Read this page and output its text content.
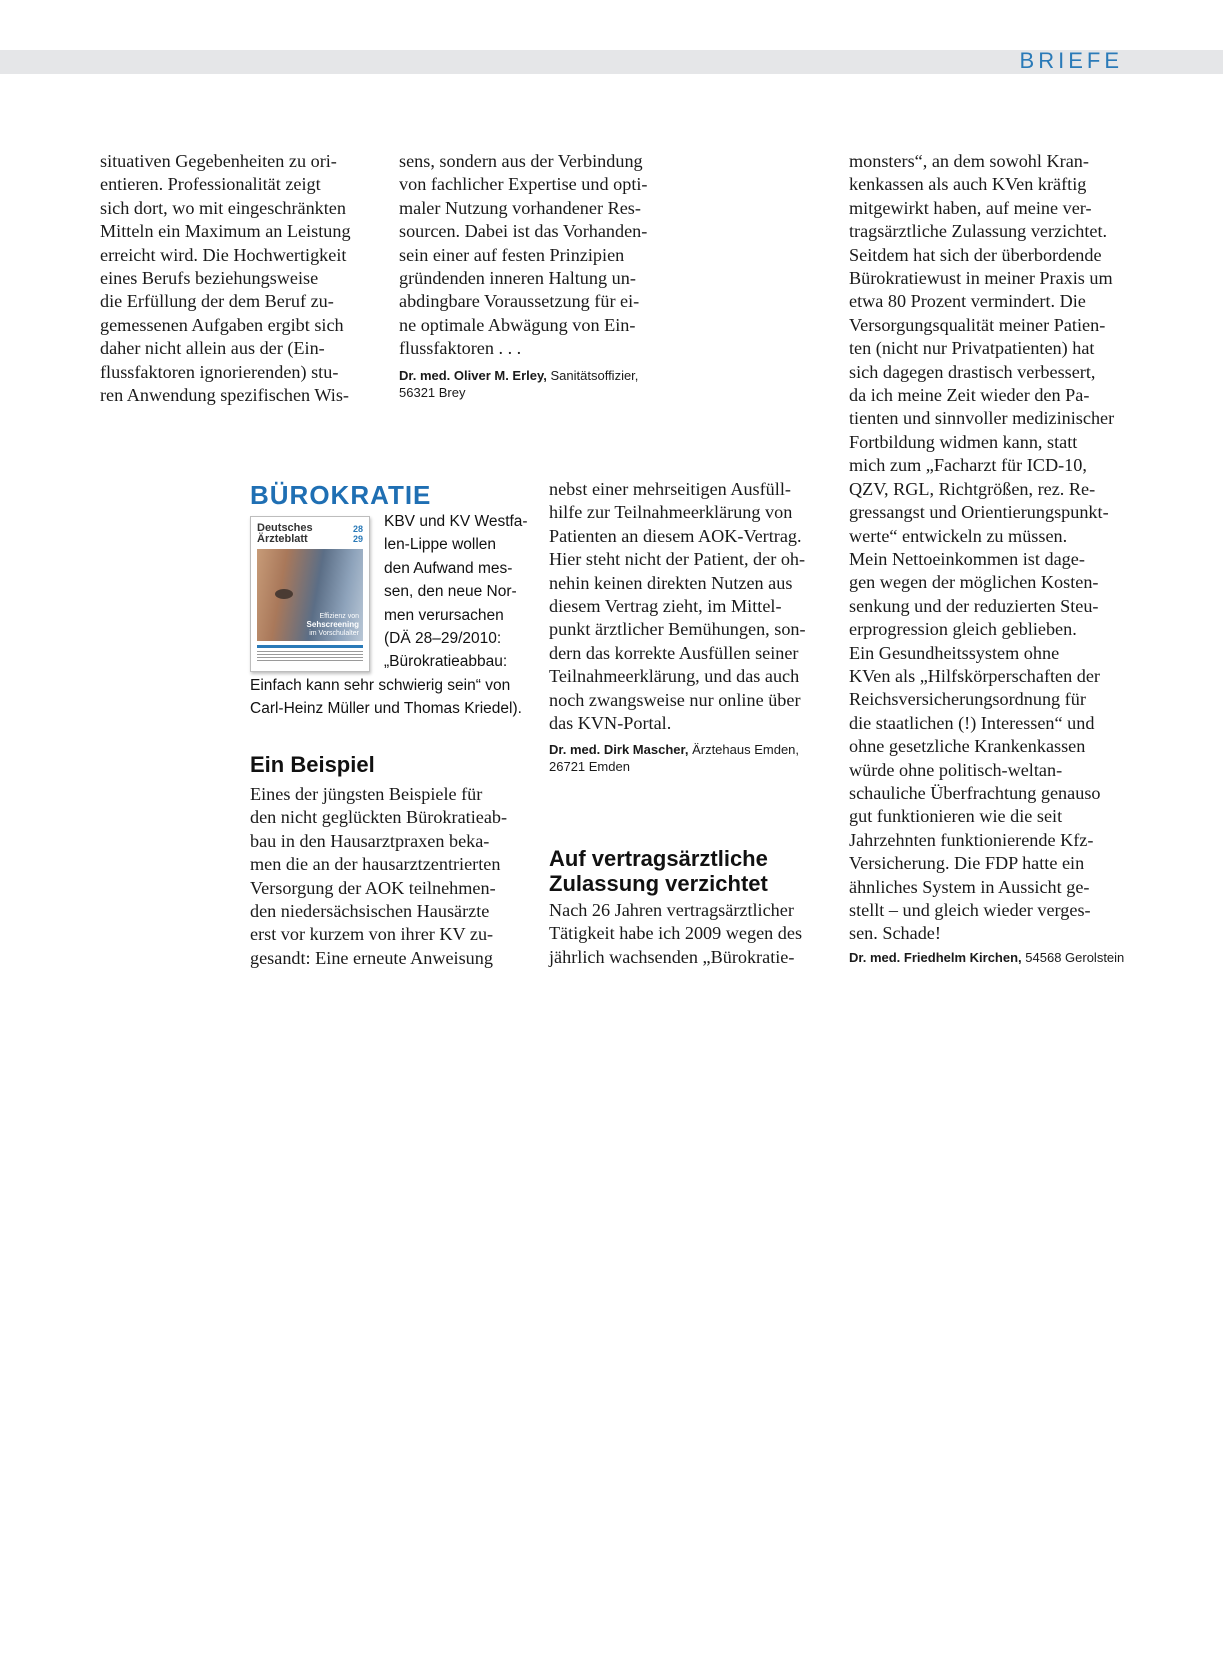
BRIEFE
situativen Gegebenheiten zu ori-
entieren. Professionalität zeigt
sich dort, wo mit eingeschränkten
Mitteln ein Maximum an Leistung
erreicht wird. Die Hochwertigkeit
eines Berufs beziehungsweise
die Erfüllung der dem Beruf zu-
gemessenen Aufgaben ergibt sich
daher nicht allein aus der (Ein-
flussfaktoren ignorierenden) stu-
ren Anwendung spezifischen Wis-
sens, sondern aus der Verbindung
von fachlicher Expertise und opti-
maler Nutzung vorhandener Res-
sourcen. Dabei ist das Vorhanden-
sein einer auf festen Prinzipien
gründenden inneren Haltung un-
abdingbare Voraussetzung für ei-
ne optimale Abwägung von Ein-
flussfaktoren . . .
Dr. med. Oliver M. Erley, Sanitätsoffizier,
56321 Brey
BÜROKRATIE
Deutsches
Ärzteblatt
28
29
Effizienz von
Sehscreening
im Vorschulalter
KBV und KV Westfa-
len-Lippe wollen
den Aufwand mes-
sen, den neue Nor-
men verursachen
(DÄ 28–29/2010:
„Bürokratieabbau:
Einfach kann sehr schwierig sein“ von
Carl-Heinz Müller und Thomas Kriedel).
Ein Beispiel
Eines der jüngsten Beispiele für
den nicht geglückten Bürokratieab-
bau in den Hausarztpraxen beka-
men die an der hausarztzentrierten
Versorgung der AOK teilnehmen-
den niedersächsischen Hausärzte
erst vor kurzem von ihrer KV zu-
gesandt: Eine erneute Anweisung
nebst einer mehrseitigen Ausfüll-
hilfe zur Teilnahmeerklärung von
Patienten an diesem AOK-Vertrag.
Hier steht nicht der Patient, der oh-
nehin keinen direkten Nutzen aus
diesem Vertrag zieht, im Mittel-
punkt ärztlicher Bemühungen, son-
dern das korrekte Ausfüllen seiner
Teilnahmeerklärung, und das auch
noch zwangsweise nur online über
das KVN-Portal.
Dr. med. Dirk Mascher, Ärztehaus Emden,
26721 Emden
Auf vertragsärztliche
Zulassung verzichtet
Nach 26 Jahren vertragsärztlicher
Tätigkeit habe ich 2009 wegen des
jährlich wachsenden „Bürokratie-
monsters“, an dem sowohl Kran-
kenkassen als auch KVen kräftig
mitgewirkt haben, auf meine ver-
tragsärztliche Zulassung verzichtet.
Seitdem hat sich der überbordende
Bürokratiewust in meiner Praxis um
etwa 80 Prozent vermindert. Die
Versorgungsqualität meiner Patien-
ten (nicht nur Privatpatienten) hat
sich dagegen drastisch verbessert,
da ich meine Zeit wieder den Pa-
tienten und sinnvoller medizinischer
Fortbildung widmen kann, statt
mich zum „Facharzt für ICD-10,
QZV, RGL, Richtgrößen, rez. Re-
gressangst und Orientierungspunkt-
werte“ entwickeln zu müssen.
Mein Nettoeinkommen ist dage-
gen wegen der möglichen Kosten-
senkung und der reduzierten Steu-
erprogression gleich geblieben.
Ein Gesundheitssystem ohne
KVen als „Hilfskörperschaften der
Reichsversicherungsordnung für
die staatlichen (!) Interessen“ und
ohne gesetzliche Krankenkassen
würde ohne politisch-weltan-
schauliche Überfrachtung genauso
gut funktionieren wie die seit
Jahrzehnten funktionierende Kfz-
Versicherung. Die FDP hatte ein
ähnliches System in Aussicht ge-
stellt – und gleich wieder verges-
sen. Schade!
Dr. med. Friedhelm Kirchen, 54568 Gerolstein
